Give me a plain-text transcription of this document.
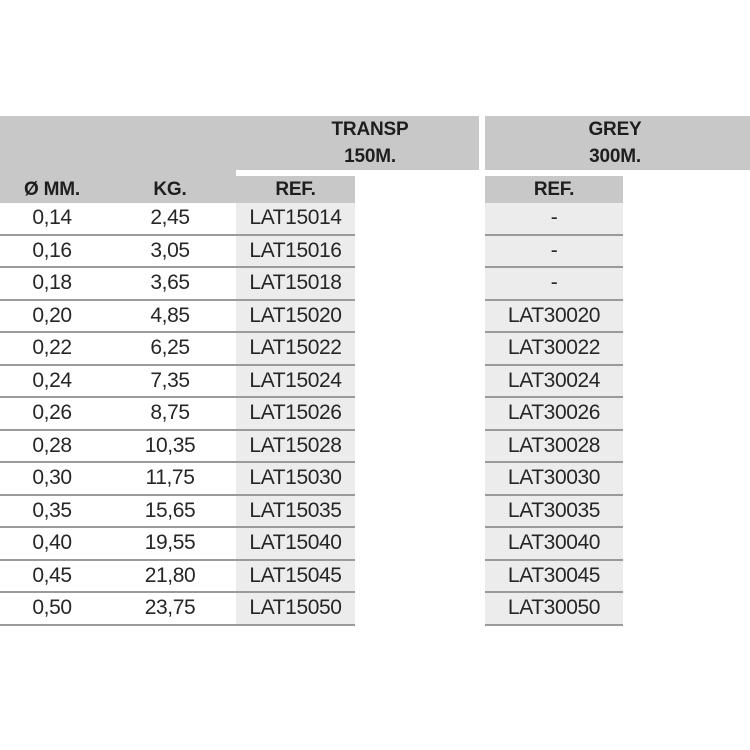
TRANSP
150M.
GREY
300M.
Ø MM.	KG.	REF.	REF.
0,14	2,45	LAT15014	-
0,16	3,05	LAT15016	-
0,18	3,65	LAT15018	-
0,20	4,85	LAT15020	LAT30020
0,22	6,25	LAT15022	LAT30022
0,24	7,35	LAT15024	LAT30024
0,26	8,75	LAT15026	LAT30026
0,28	10,35	LAT15028	LAT30028
0,30	11,75	LAT15030	LAT30030
0,35	15,65	LAT15035	LAT30035
0,40	19,55	LAT15040	LAT30040
0,45	21,80	LAT15045	LAT30045
0,50	23,75	LAT15050	LAT30050
